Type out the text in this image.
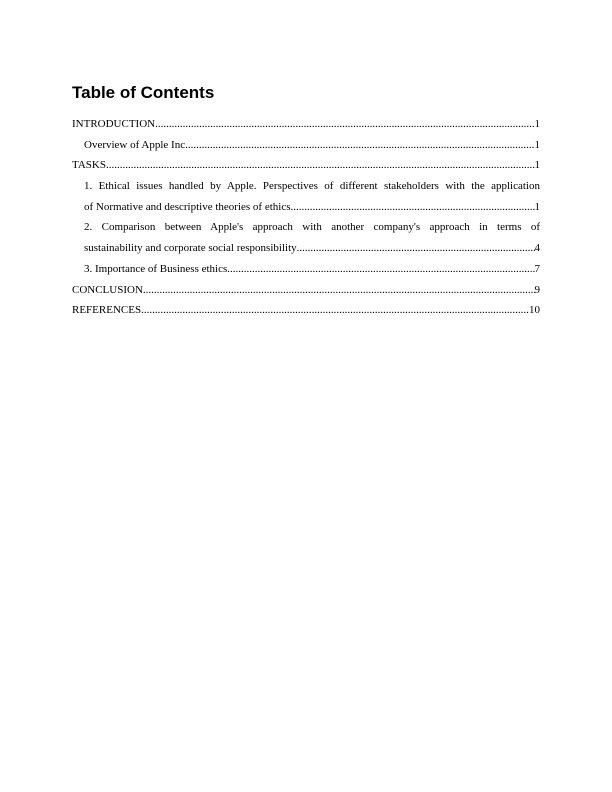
Table of Contents
INTRODUCTION .....	1
Overview of Apple Inc. .....	1
TASKS .....	1
1. Ethical issues handled by Apple. Perspectives of different stakeholders with the application
of Normative and descriptive theories of ethics .....	1
2. Comparison between Apple's approach with another company's approach in terms of
sustainability and corporate social responsibility .....	4
3. Importance of Business ethics .....	7
CONCLUSION .....	9
REFERENCES .....	10
